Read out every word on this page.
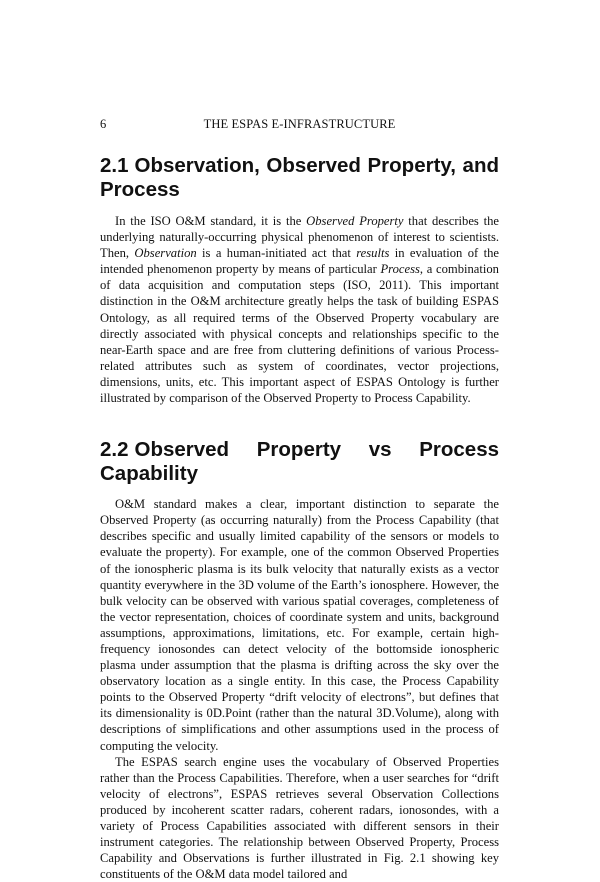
6	THE ESPAS E-INFRASTRUCTURE
2.1 Observation, Observed Property, and Process

In the ISO O&M standard, it is the Observed Property that describes the underlying naturally-occurring physical phenomenon of interest to scientists. Then, Observation is a human-initiated act that results in evaluation of the intended phenomenon property by means of particular Process, a combination of data acquisition and computation steps (ISO, 2011). This important distinction in the O&M architecture greatly helps the task of building ESPAS Ontology, as all required terms of the Observed Property vocabulary are directly associated with physical concepts and relationships specific to the near-Earth space and are free from cluttering definitions of various Process-related attributes such as system of coordinates, vector projections, dimensions, units, etc. This important aspect of ESPAS Ontology is further illustrated by comparison of the Observed Property to Process Capability.

2.2 Observed Property vs Process Capability

O&M standard makes a clear, important distinction to separate the Observed Property (as occurring naturally) from the Process Capability (that describes specific and usually limited capability of the sensors or models to evaluate the property). For example, one of the common Observed Properties of the ionospheric plasma is its bulk velocity that naturally exists as a vector quantity everywhere in the 3D volume of the Earth’s ionosphere. However, the bulk velocity can be observed with various spatial coverages, completeness of the vector representation, choices of coordinate system and units, background assumptions, approximations, limitations, etc. For example, certain high-frequency ionosondes can detect velocity of the bottomside ionospheric plasma under assumption that the plasma is drifting across the sky over the observatory location as a single entity. In this case, the Process Capability points to the Observed Property “drift velocity of electrons”, but defines that its dimensionality is 0D.Point (rather than the natural 3D.Volume), along with descriptions of simplifications and other assumptions used in the process of computing the velocity.

The ESPAS search engine uses the vocabulary of Observed Properties rather than the Process Capabilities. Therefore, when a user searches for “drift velocity of electrons”, ESPAS retrieves several Observation Collections produced by incoherent scatter radars, coherent radars, ionosondes, with a variety of Process Capabilities associated with different sensors in their instrument categories. The relationship between Observed Property, Process Capability and Observations is further illustrated in Fig. 2.1 showing key constituents of the O&M data model tailored and
